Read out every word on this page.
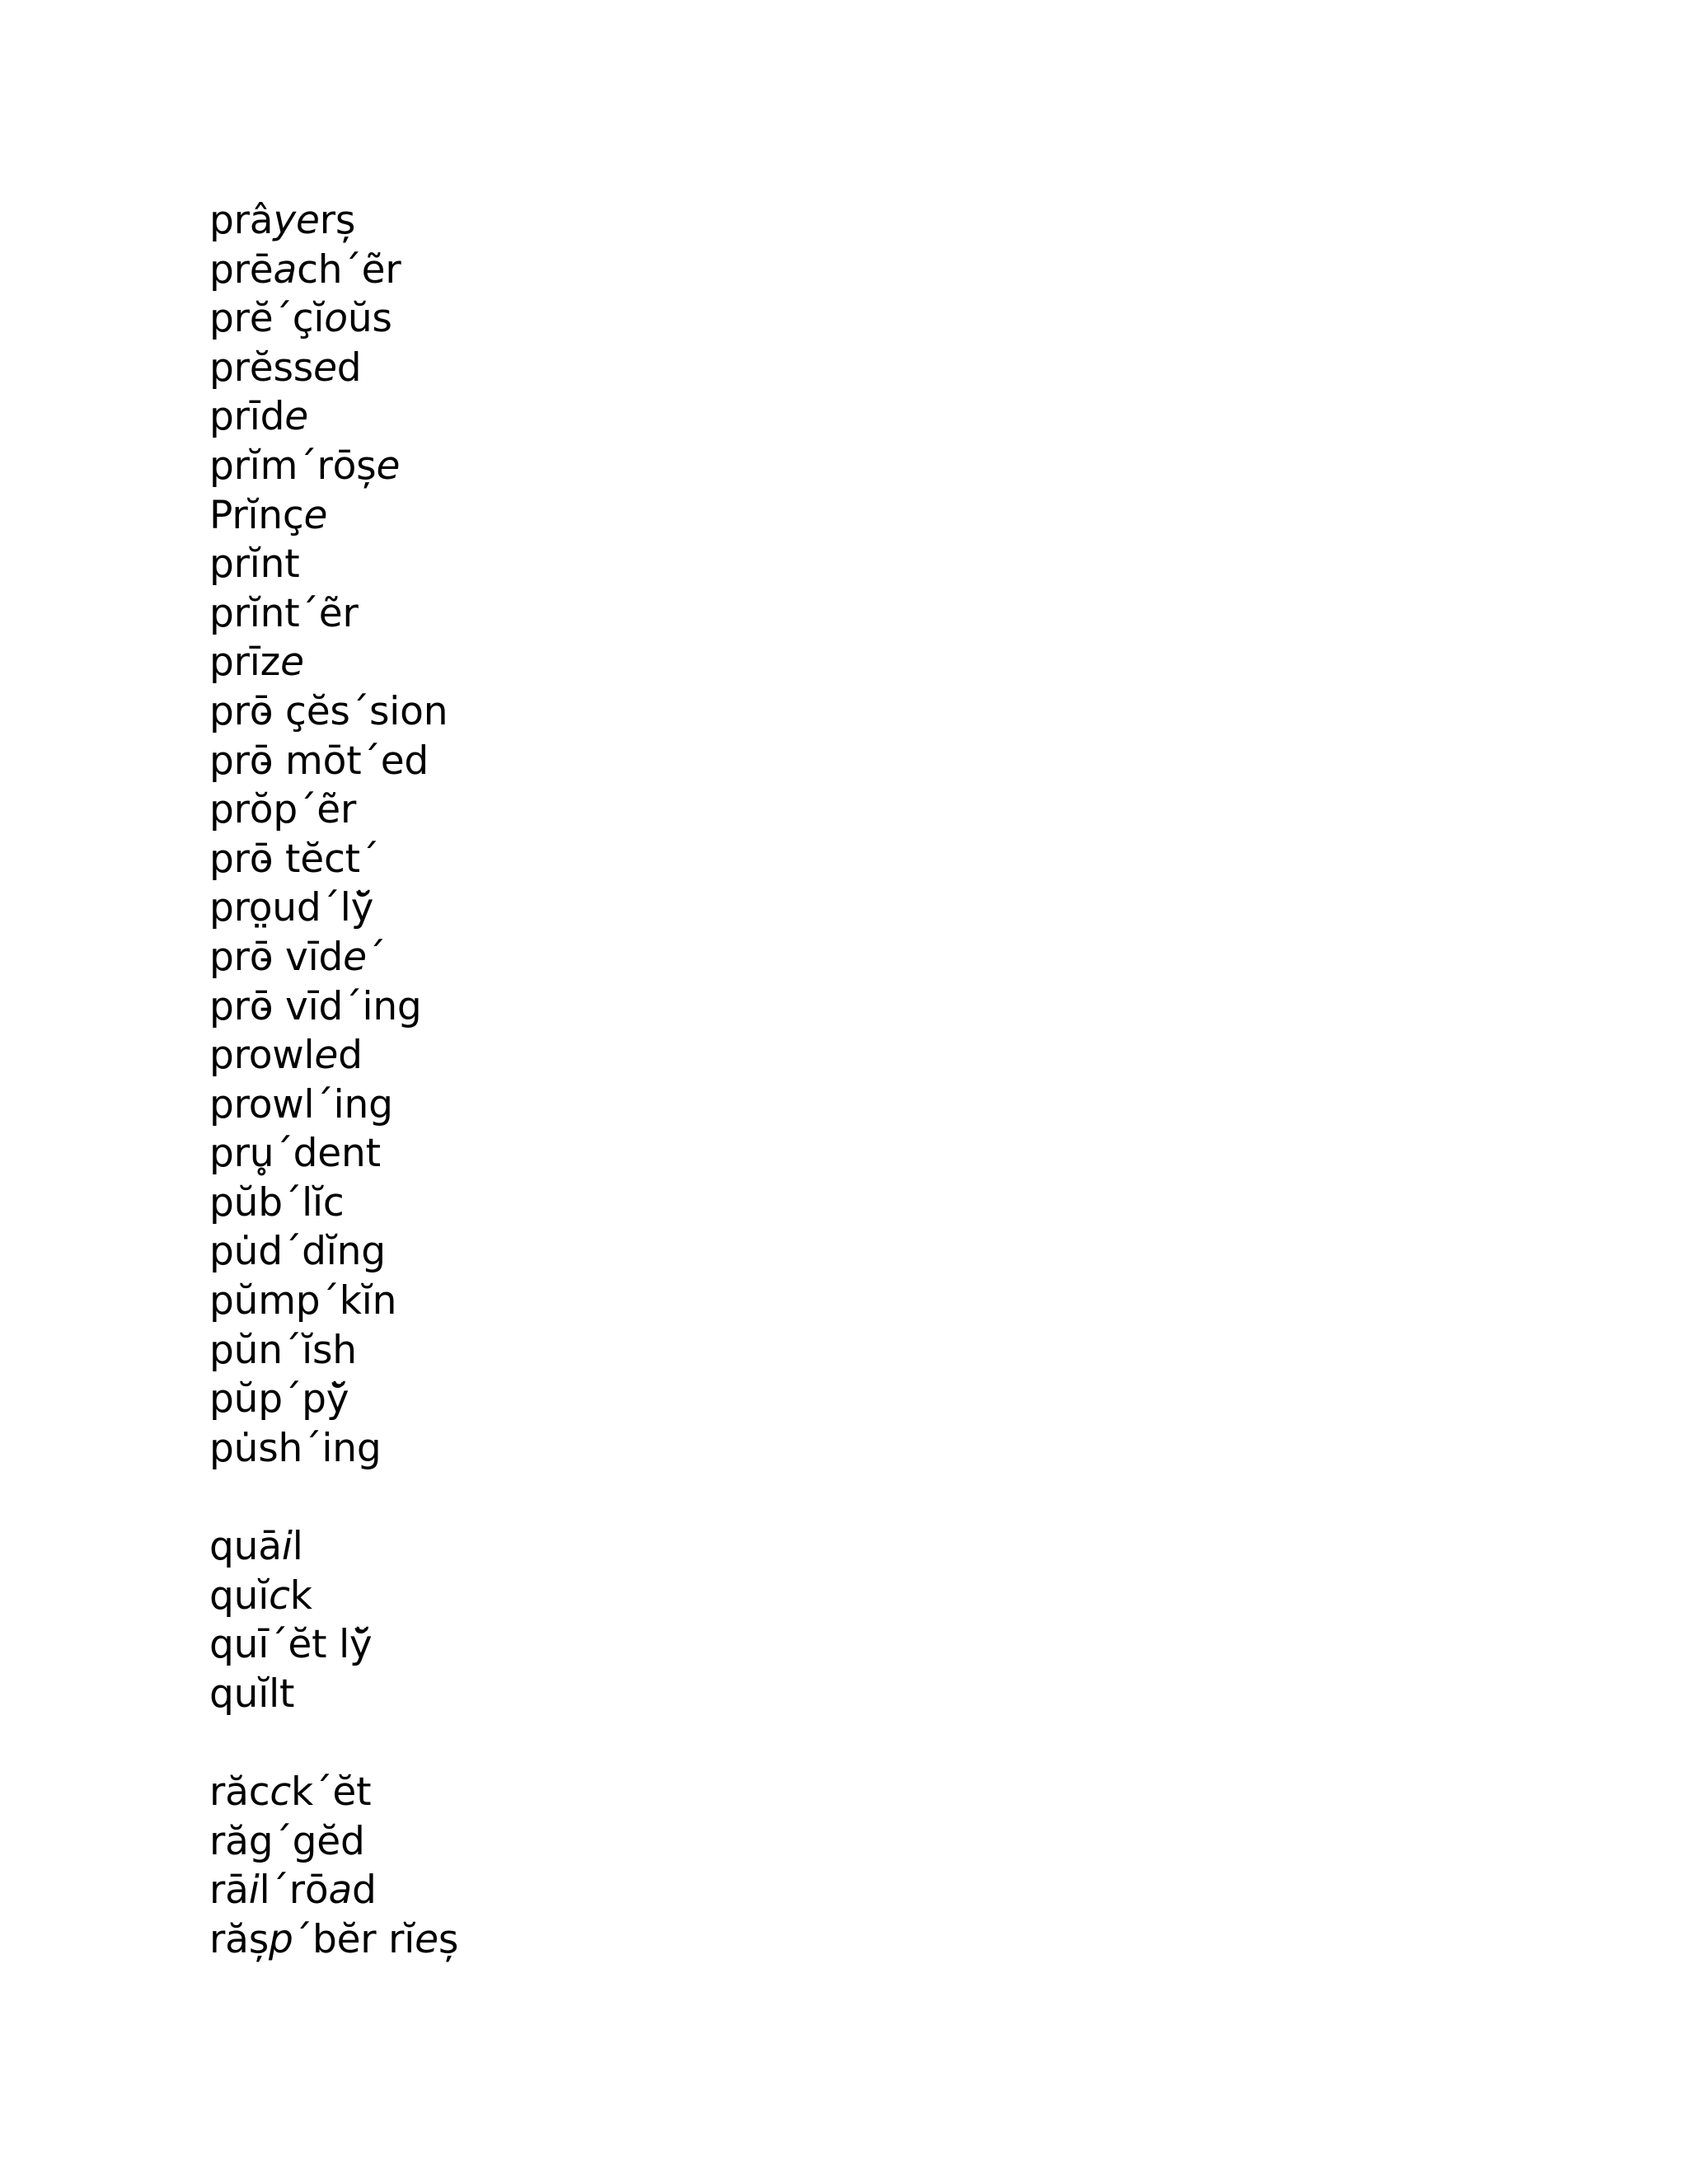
prâyerș
prēach´ẽr
prĕ´çĭoŭs
prĕssed
prīde
prĭm´rōșe
Prĭnçe
prĭnt
prĭnt´ẽr
prīze
prō̵ çĕs´sion
prō̵ mōt´ed
prŏp´ẽr
prō̵ tĕct´
pro̤ud´lў̆
prō̵ vīde´
prō̵ vīd´ing
prowled
prowl´ing
pru̥´dent
pŭb´lĭc
pu̇d´dĭng
pŭmp´kĭn
pŭn´ĭsh
pŭp´pў̆
pu̇sh´ing
quāil
quĭck
quī´ĕt lў̆
quĭlt
răcck´ĕt
răg´gĕd
rāil´rōad
rășp´bĕr rĭeș
